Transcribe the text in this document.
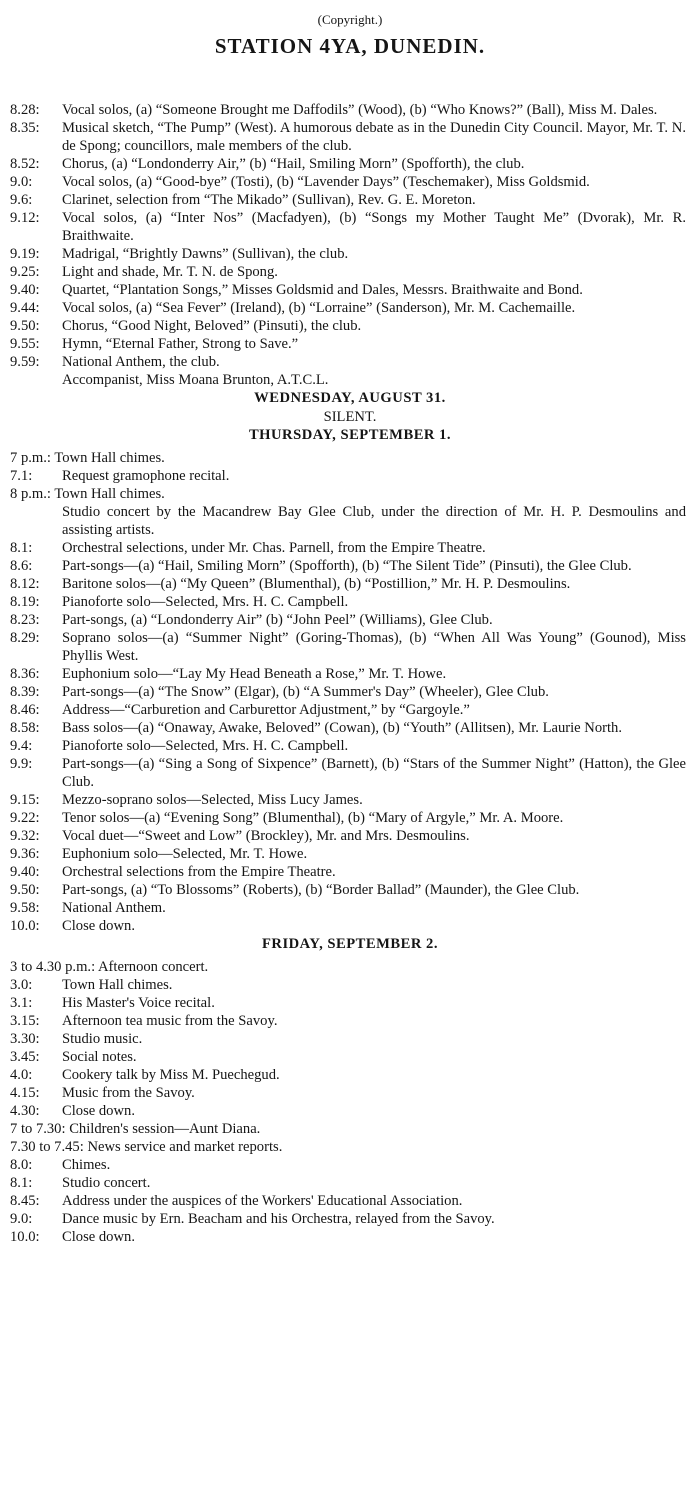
(Copyright.)
STATION 4YA, DUNEDIN.
8.28: Vocal solos, (a) “Someone Brought me Daffodils” (Wood), (b) “Who Knows?” (Ball), Miss M. Dales.
8.35: Musical sketch, “The Pump” (West). A humorous debate as in the Dunedin City Council. Mayor, Mr. T. N. de Spong; councillors, male members of the club.
8.52: Chorus, (a) “Londonderry Air,” (b) “Hail, Smiling Morn” (Spofforth), the club.
9.0: Vocal solos, (a) “Good-bye” (Tosti), (b) “Lavender Days” (Teschemaker), Miss Goldsmid.
9.6: Clarinet, selection from “The Mikado” (Sullivan), Rev. G. E. Moreton.
9.12: Vocal solos, (a) “Inter Nos” (Macfadyen), (b) “Songs my Mother Taught Me” (Dvorak), Mr. R. Braithwaite.
9.19: Madrigal, “Brightly Dawns” (Sullivan), the club.
9.25: Light and shade, Mr. T. N. de Spong.
9.40: Quartet, “Plantation Songs,” Misses Goldsmid and Dales, Messrs. Braithwaite and Bond.
9.44: Vocal solos, (a) “Sea Fever” (Ireland), (b) “Lorraine” (Sanderson), Mr. M. Cachemaille.
9.50: Chorus, “Good Night, Beloved” (Pinsuti), the club.
9.55: Hymn, “Eternal Father, Strong to Save.”
9.59: National Anthem, the club.
Accompanist, Miss Moana Brunton, A.T.C.L.
WEDNESDAY, AUGUST 31.
SILENT.
THURSDAY, SEPTEMBER 1.
7 p.m.: Town Hall chimes.
7.1: Request gramophone recital.
8 p.m.: Town Hall chimes.
Studio concert by the Macandrew Bay Glee Club, under the direction of Mr. H. P. Desmoulins and assisting artists.
8.1: Orchestral selections, under Mr. Chas. Parnell, from the Empire Theatre.
8.6: Part-songs—(a) “Hail, Smiling Morn” (Spofforth), (b) “The Silent Tide” (Pinsuti), the Glee Club.
8.12: Baritone solos—(a) “My Queen” (Blumenthal), (b) “Postillion,” Mr. H. P. Desmoulins.
8.19: Pianoforte solo—Selected, Mrs. H. C. Campbell.
8.23: Part-songs, (a) “Londonderry Air” (b) “John Peel” (Williams), Glee Club.
8.29: Soprano solos—(a) “Summer Night” (Goring-Thomas), (b) “When All Was Young” (Gounod), Miss Phyllis West.
8.36: Euphonium solo—“Lay My Head Beneath a Rose,” Mr. T. Howe.
8.39: Part-songs—(a) “The Snow” (Elgar), (b) “A Summer's Day” (Wheeler), Glee Club.
8.46: Address—“Carburetion and Carburettor Adjustment,” by “Gargoyle.”
8.58: Bass solos—(a) “Onaway, Awake, Beloved” (Cowan), (b) “Youth” (Allitsen), Mr. Laurie North.
9.4: Pianoforte solo—Selected, Mrs. H. C. Campbell.
9.9: Part-songs—(a) “Sing a Song of Sixpence” (Barnett), (b) “Stars of the Summer Night” (Hatton), the Glee Club.
9.15: Mezzo-soprano solos—Selected, Miss Lucy James.
9.22: Tenor solos—(a) “Evening Song” (Blumenthal), (b) “Mary of Argyle,” Mr. A. Moore.
9.32: Vocal duet—“Sweet and Low” (Brockley), Mr. and Mrs. Desmoulins.
9.36: Euphonium solo—Selected, Mr. T. Howe.
9.40: Orchestral selections from the Empire Theatre.
9.50: Part-songs, (a) “To Blossoms” (Roberts), (b) “Border Ballad” (Maunder), the Glee Club.
9.58: National Anthem.
10.0: Close down.
FRIDAY, SEPTEMBER 2.
3 to 4.30 p.m.: Afternoon concert.
3.0: Town Hall chimes.
3.1: His Master's Voice recital.
3.15: Afternoon tea music from the Savoy.
3.30: Studio music.
3.45: Social notes.
4.0: Cookery talk by Miss M. Puechegud.
4.15: Music from the Savoy.
4.30: Close down.
7 to 7.30: Children's session—Aunt Diana.
7.30 to 7.45: News service and market reports.
8.0: Chimes.
8.1: Studio concert.
8.45: Address under the auspices of the Workers' Educational Association.
9.0: Dance music by Ern. Beacham and his Orchestra, relayed from the Savoy.
10.0: Close down.
